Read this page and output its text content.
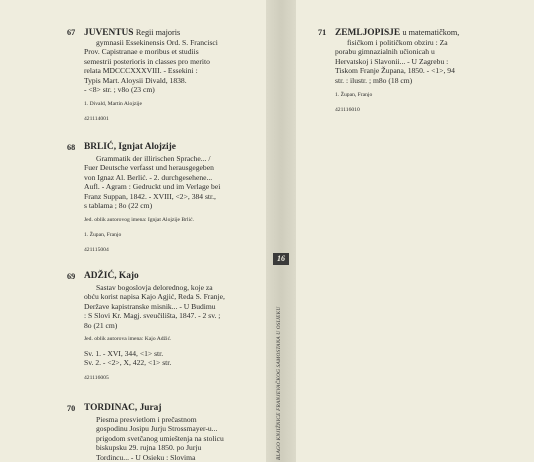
16
BLAGO KNJIŽNICE FRANJEVAČKOG SAMOSTANA U OSIJEKU
67 JUVENTUS Regii majoris

gymnasii Essekinensis Ord. S. Francisci

Prov. Capistranae e moribus et studiis

semestrii posterioris in classes pro merito

relata MDCCCXXXVIII. - Essekini :

Typis Mart. Aloysii Divald, 1838.

- <8> str. ; v8o (23 cm)

1. Divald, Martin Alojzije

421114001

68 BRLIĆ, Ignjat Alojzije

Grammatik der illirischen Sprache... /

Fuer Deutsche verfasst und herausgegeben

von Ignaz Al. Berlić. - 2. durchgesehene...

Aufl. - Agram : Gedruckt und im Verlage bei

Franz Suppan, 1842. - XVIII, <2>, 384 str.,

s tablama ; 8o (22 cm)

Jed. oblik autorovog imena: Ignjat Alojzije Brlić.

1. Župan, Franjo

421115004

69 ADŽIĆ, Kajo

Sastav bogoslovja delorednog, koje za

obću korist napisa Kajo Agjić, Reda S. Franje,

Deržave kapistranske misnik... - U Budimu

: S Slovi Kr. Magj. sveučilišta, 1847. - 2 sv. ;

8o (21 cm)

Jed. oblik autorova imena: Kajo Adžić.

Sv. 1. - XVI, 344, <1> str.

Sv. 2. - <2>, X, 422, <1> str.

421116005

70 TORDINAC, Juraj

Piesma presvietlom i prečastnom

gospodinu Josipu Jurju Strossmayer-u...

prigodom svetčanog umieštenja na stolicu

biskupsku 29. rujna 1850. po Jurju

Tordincu... - U Osieku : Slovima

71 ZEMLJOPISJE u matematičkom,

fisičkom i političkom obziru : Za

porabu gimnazialnih učionicah u

Hervatskoj i Slavonii... - U Zagrebu :

Tiskom Franje Župana, 1850. - <1>, 94

str. : ilustr. ; m8o (18 cm)

1. Župan, Franjo

421116010
